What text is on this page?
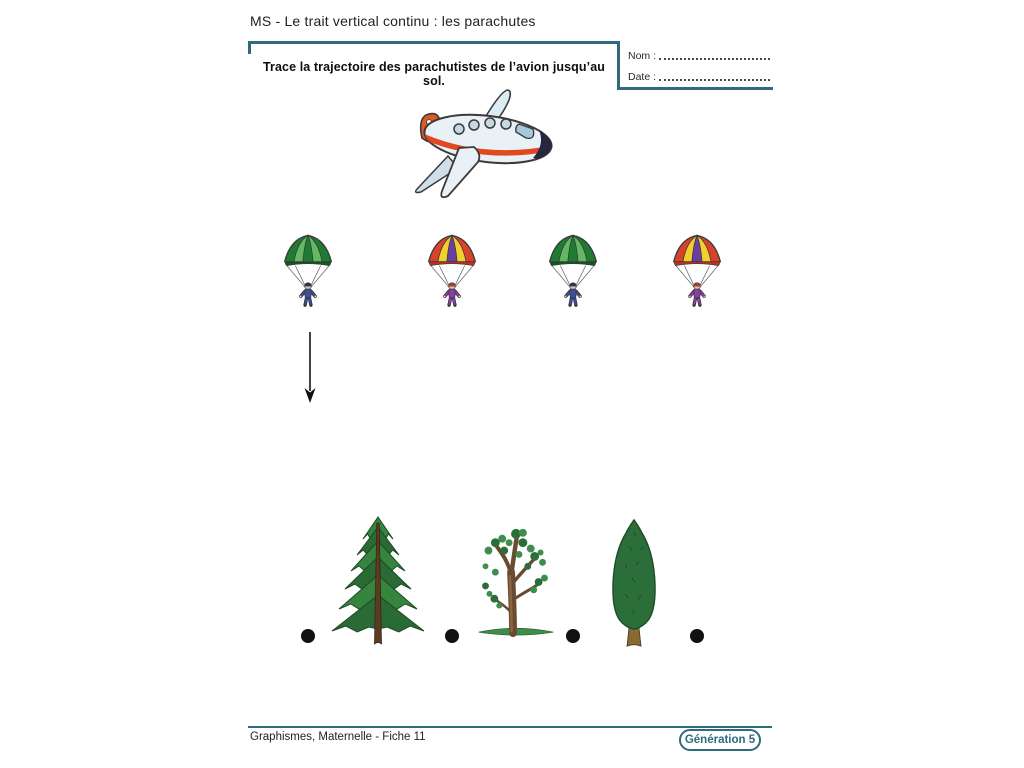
MS - Le trait vertical continu : les parachutes
Trace la trajectoire des parachutistes de l’avion jusqu’au sol.
Nom :
Date :
Graphismes, Maternelle - Fiche 11	Génération 5
